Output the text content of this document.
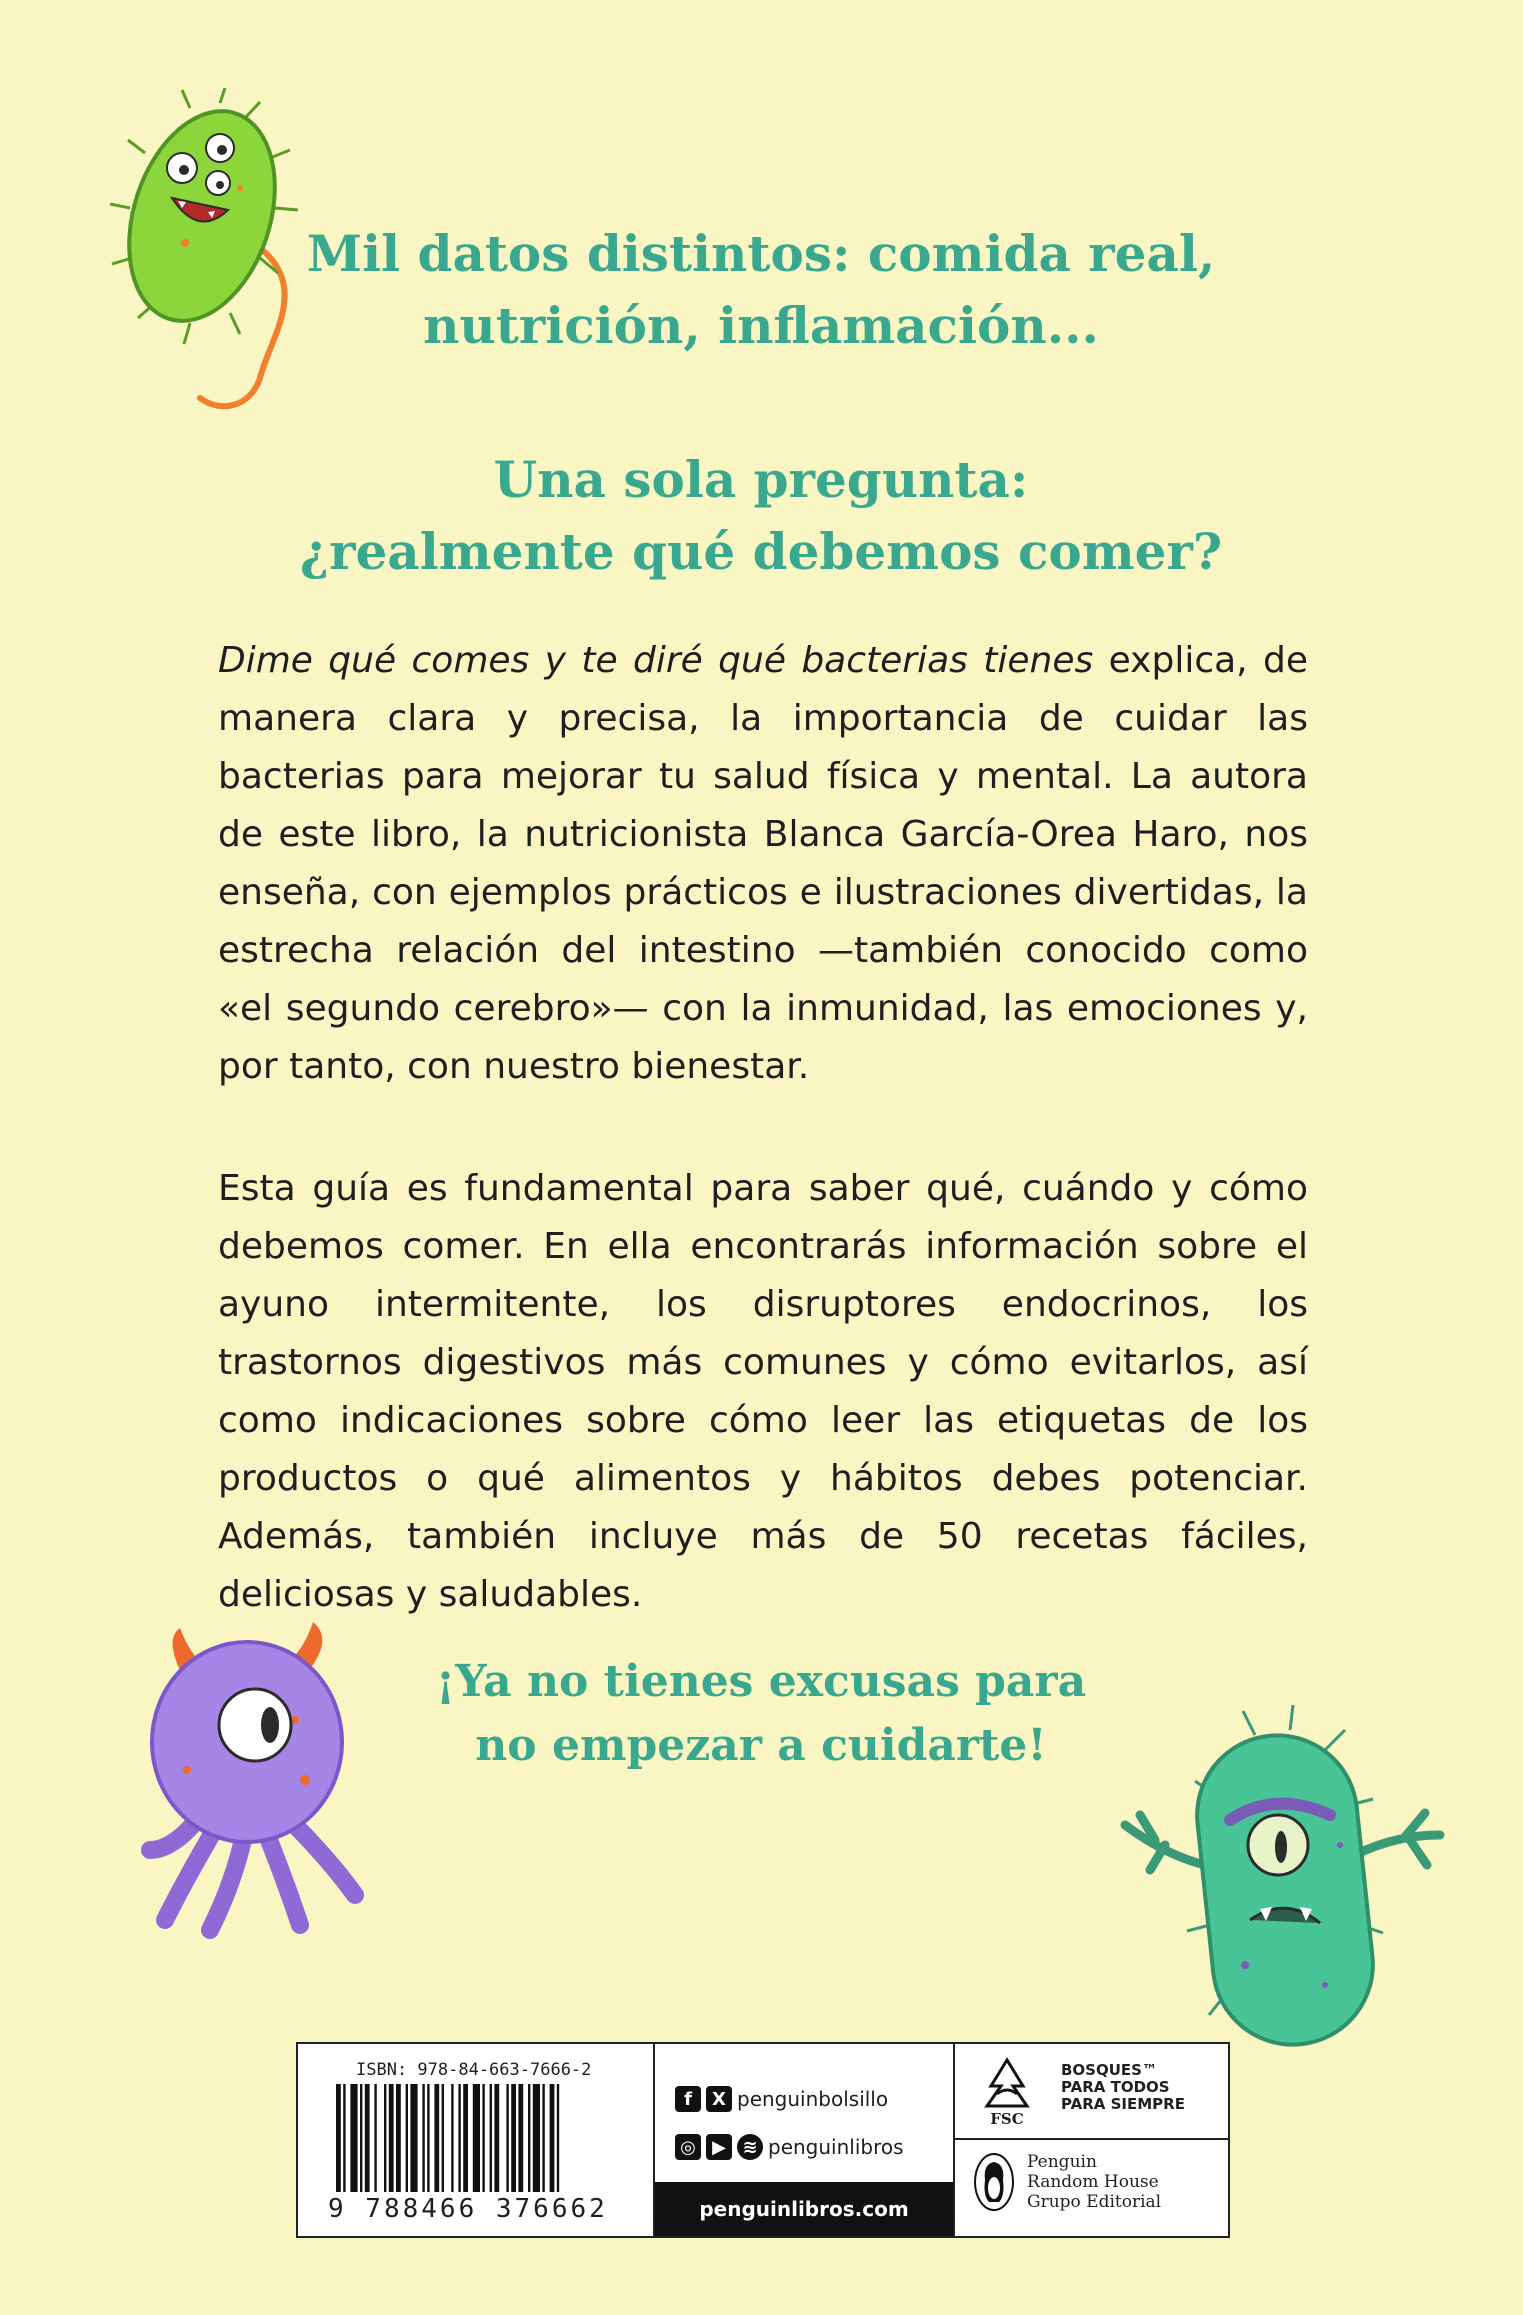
Mil datos distintos: comida real,

nutrición, inflamación...

Una sola pregunta:

¿realmente qué debemos comer?

Dime qué comes y te diré qué bacterias tienes explica, de manera clara y precisa, la importancia de cuidar las bacterias para mejorar tu salud física y mental. La autora de este libro, la nutricionista Blanca García-Orea Haro, nos enseña, con ejemplos prácticos e ilustraciones divertidas, la estrecha relación del intestino —también conocido como «el segundo cerebro»— con la inmunidad, las emociones y, por tanto, con nuestro bienestar.

Esta guía es fundamental para saber qué, cuándo y cómo debemos comer. En ella encontrarás información sobre el ayuno intermitente, los disruptores endocrinos, los trastornos digestivos más comunes y cómo evitarlos, así como indicaciones sobre cómo leer las etiquetas de los productos o qué alimentos y hábitos debes potenciar. Además, también incluye más de 50 recetas fáciles, deliciosas y saludables.

¡Ya no tienes excusas para

no empezar a cuidarte!

ISBN: 978-84-663-7666-2
9 788466 376662
f	X penguinbolsillo
◎ ▶ ≋ penguinlibros
penguinlibros.com
FSC
BOSQUES™
PARA TODOS
PARA SIEMPRE
Penguin
Random House
Grupo Editorial
